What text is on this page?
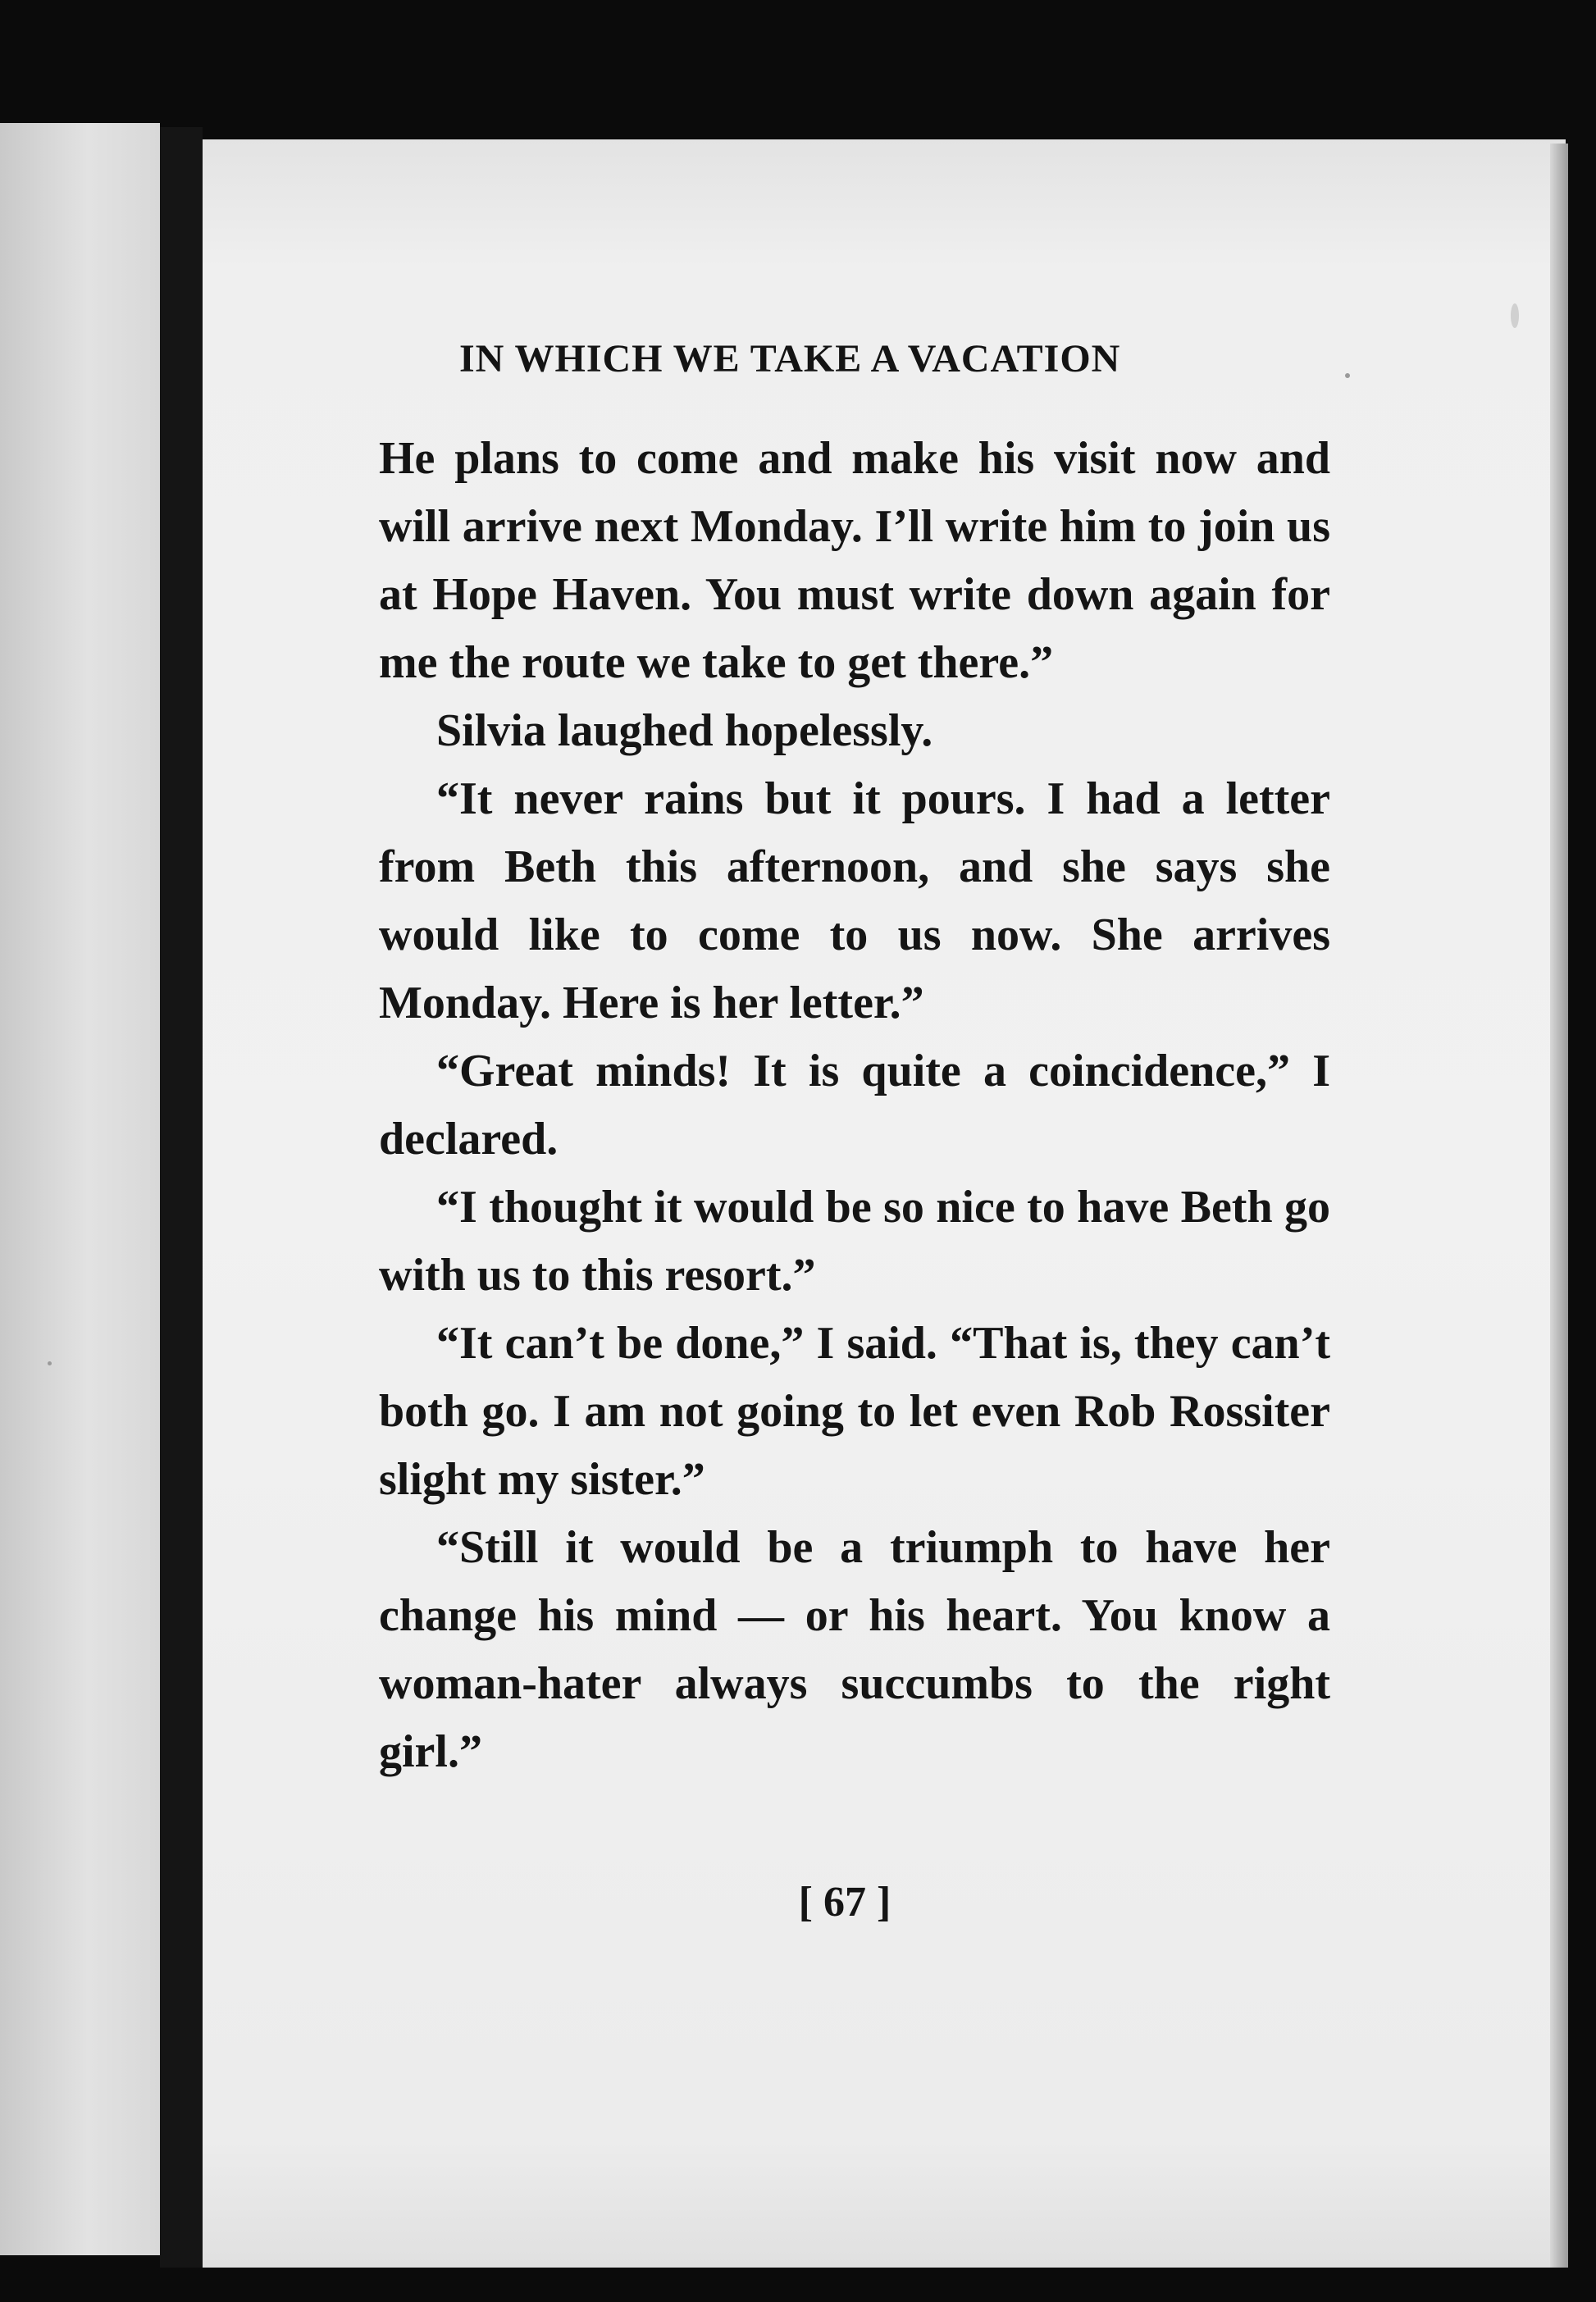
IN WHICH WE TAKE A VACATION

He plans to come and make his visit now and will arrive next Monday. I’ll write him to join us at Hope Haven. You must write down again for me the route we take to get there.”

Silvia laughed hopelessly.

“It never rains but it pours. I had a letter from Beth this afternoon, and she says she would like to come to us now. She arrives Monday. Here is her letter.”

“Great minds! It is quite a coincidence,” I declared.

“I thought it would be so nice to have Beth go with us to this resort.”

“It can’t be done,” I said. “That is, they can’t both go. I am not going to let even Rob Rossiter slight my sister.”

“Still it would be a triumph to have her change his mind — or his heart. You know a woman-hater always succumbs to the right girl.”

[ 67 ]
